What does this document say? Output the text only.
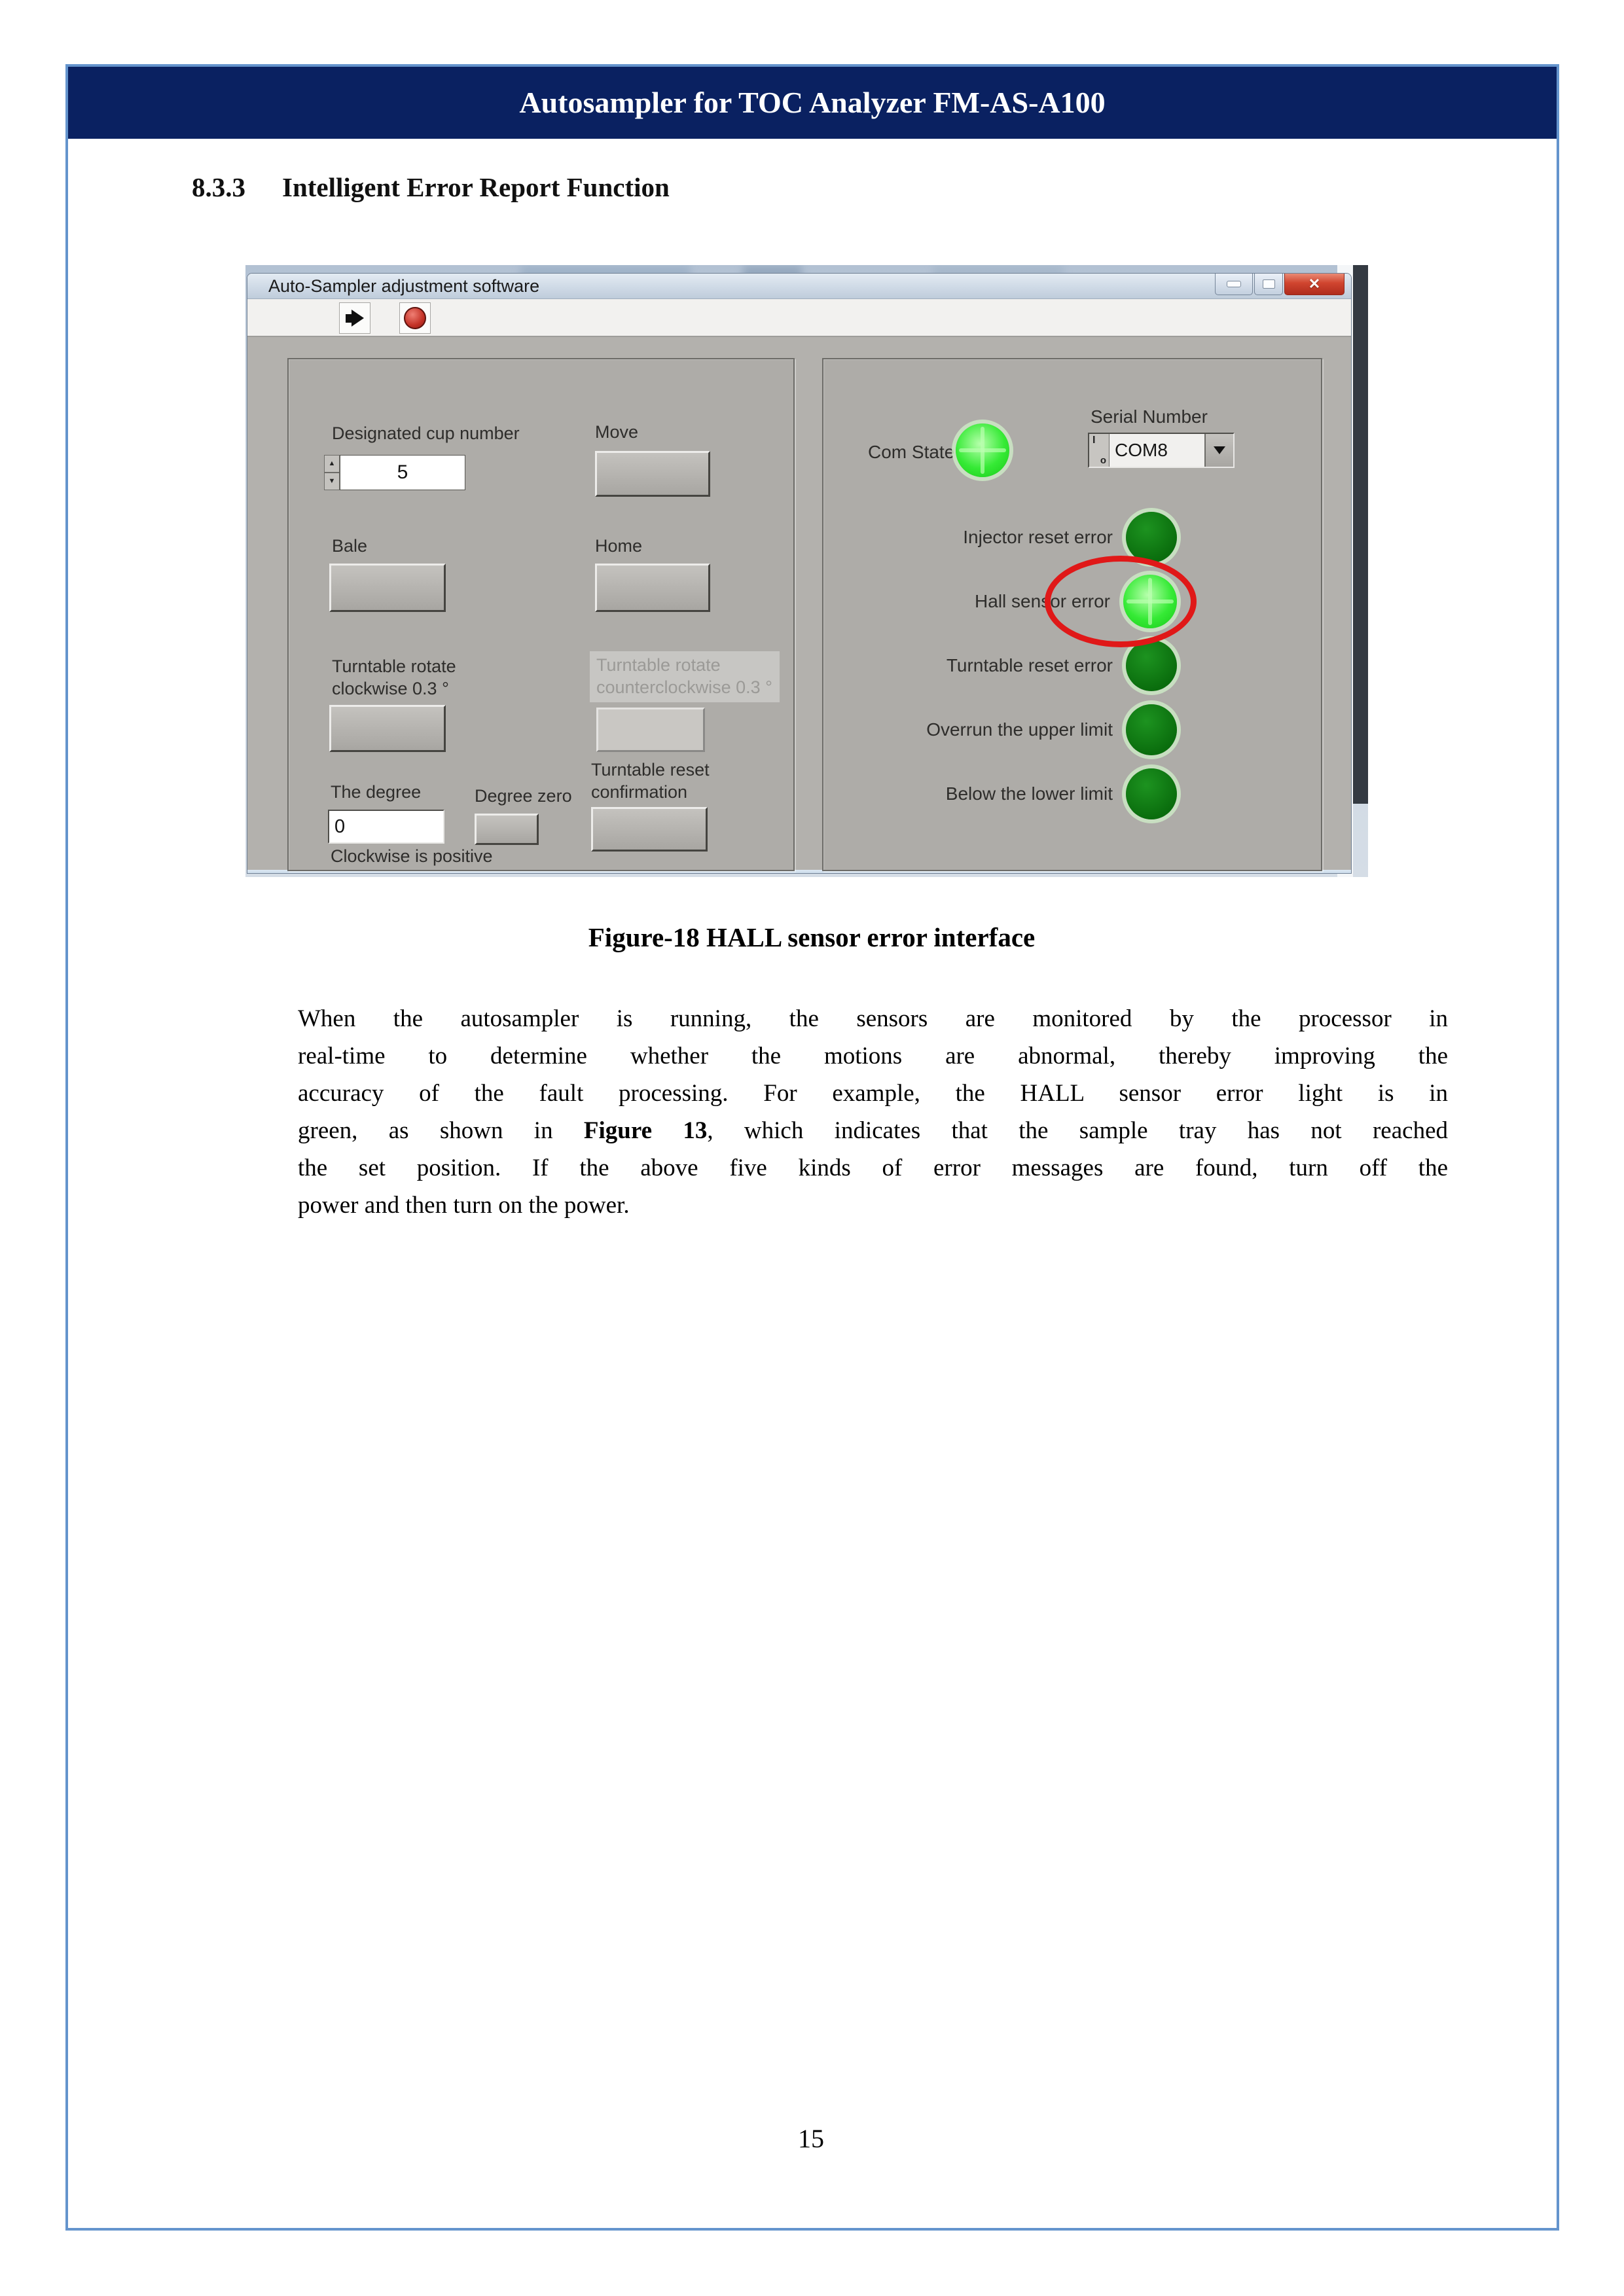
Autosampler for TOC Analyzer FM-AS-A100
8.3.3 Intelligent Error Report Function
Auto-Sampler adjustment software	✕
Designated cup number
▲
▼	5
Move
Bale	Home
Turntable rotate
clockwise 0.3 °
Turntable rotate
counterclockwise 0.3 °
Turntable reset
confirmation
The degree
0
Degree zero
Clockwise is positive
Com State
Serial Number
I
o
COM8
Injector reset error
Hall sensor error
Turntable reset error
Overrun the upper limit
Below the lower limit
Figure-18 HALL sensor error interface
When the autosampler is running, the sensors are monitored by the processor in
real-time to determine whether the motions are abnormal, thereby improving the
accuracy of the fault processing. For example, the HALL sensor error light is in
green, as shown in Figure 13, which indicates that the sample tray has not reached
the set position. If the above five kinds of error messages are found, turn off the
power and then turn on the power.
15
